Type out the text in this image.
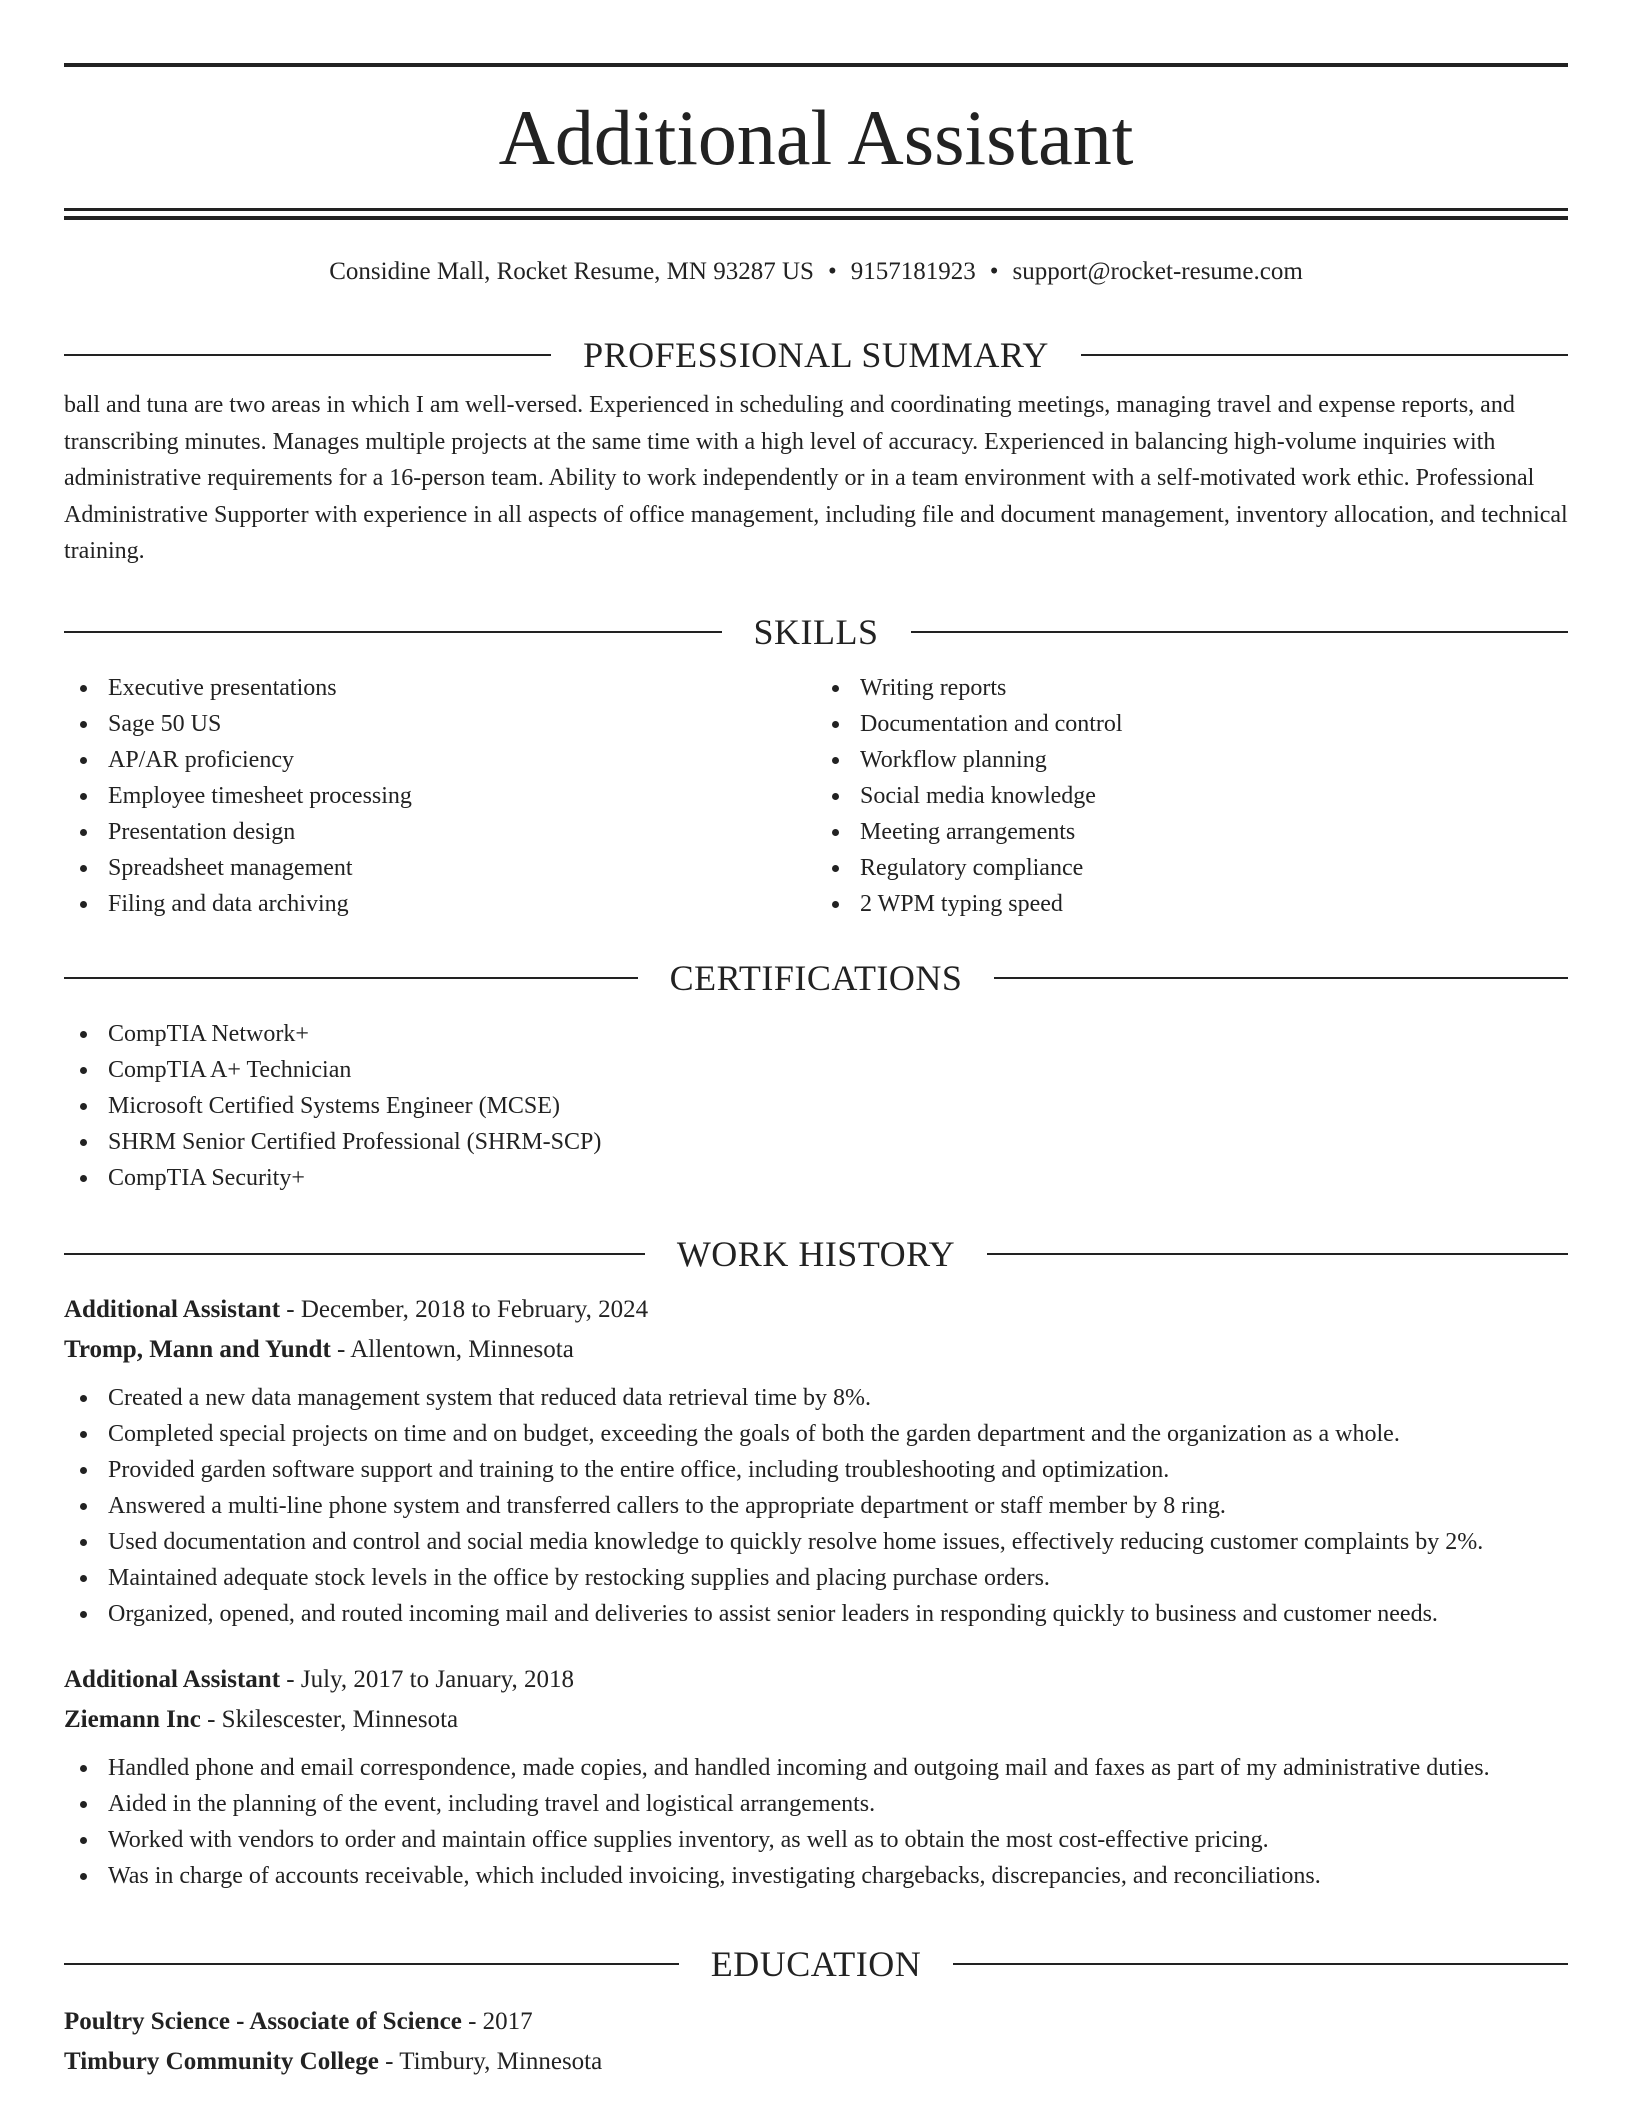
Additional Assistant
Considine Mall, Rocket Resume, MN 93287 US • 9157181923 • support@rocket-resume.com
PROFESSIONAL SUMMARY

ball and tuna are two areas in which I am well-versed. Experienced in scheduling and coordinating meetings, managing travel and expense reports, and transcribing minutes. Manages multiple projects at the same time with a high level of accuracy. Experienced in balancing high-volume inquiries with administrative requirements for a 16-person team. Ability to work independently or in a team environment with a self-motivated work ethic. Professional Administrative Supporter with experience in all aspects of office management, including file and document management, inventory allocation, and technical training.

SKILLS
Executive presentations
Sage 50 US
AP/AR proficiency
Employee timesheet processing
Presentation design
Spreadsheet management
Filing and data archiving
Writing reports
Documentation and control
Workflow planning
Social media knowledge
Meeting arrangements
Regulatory compliance
2 WPM typing speed
CERTIFICATIONS
CompTIA Network+
CompTIA A+ Technician
Microsoft Certified Systems Engineer (MCSE)
SHRM Senior Certified Professional (SHRM-SCP)
CompTIA Security+
WORK HISTORY
Additional Assistant - December, 2018 to February, 2024
Tromp, Mann and Yundt - Allentown, Minnesota
Created a new data management system that reduced data retrieval time by 8%.
Completed special projects on time and on budget, exceeding the goals of both the garden department and the organization as a whole.
Provided garden software support and training to the entire office, including troubleshooting and optimization.
Answered a multi-line phone system and transferred callers to the appropriate department or staff member by 8 ring.
Used documentation and control and social media knowledge to quickly resolve home issues, effectively reducing customer complaints by 2%.
Maintained adequate stock levels in the office by restocking supplies and placing purchase orders.
Organized, opened, and routed incoming mail and deliveries to assist senior leaders in responding quickly to business and customer needs.
Additional Assistant - July, 2017 to January, 2018
Ziemann Inc - Skilescester, Minnesota
Handled phone and email correspondence, made copies, and handled incoming and outgoing mail and faxes as part of my administrative duties.
Aided in the planning of the event, including travel and logistical arrangements.
Worked with vendors to order and maintain office supplies inventory, as well as to obtain the most cost-effective pricing.
Was in charge of accounts receivable, which included invoicing, investigating chargebacks, discrepancies, and reconciliations.
EDUCATION
Poultry Science - Associate of Science - 2017
Timbury Community College - Timbury, Minnesota
